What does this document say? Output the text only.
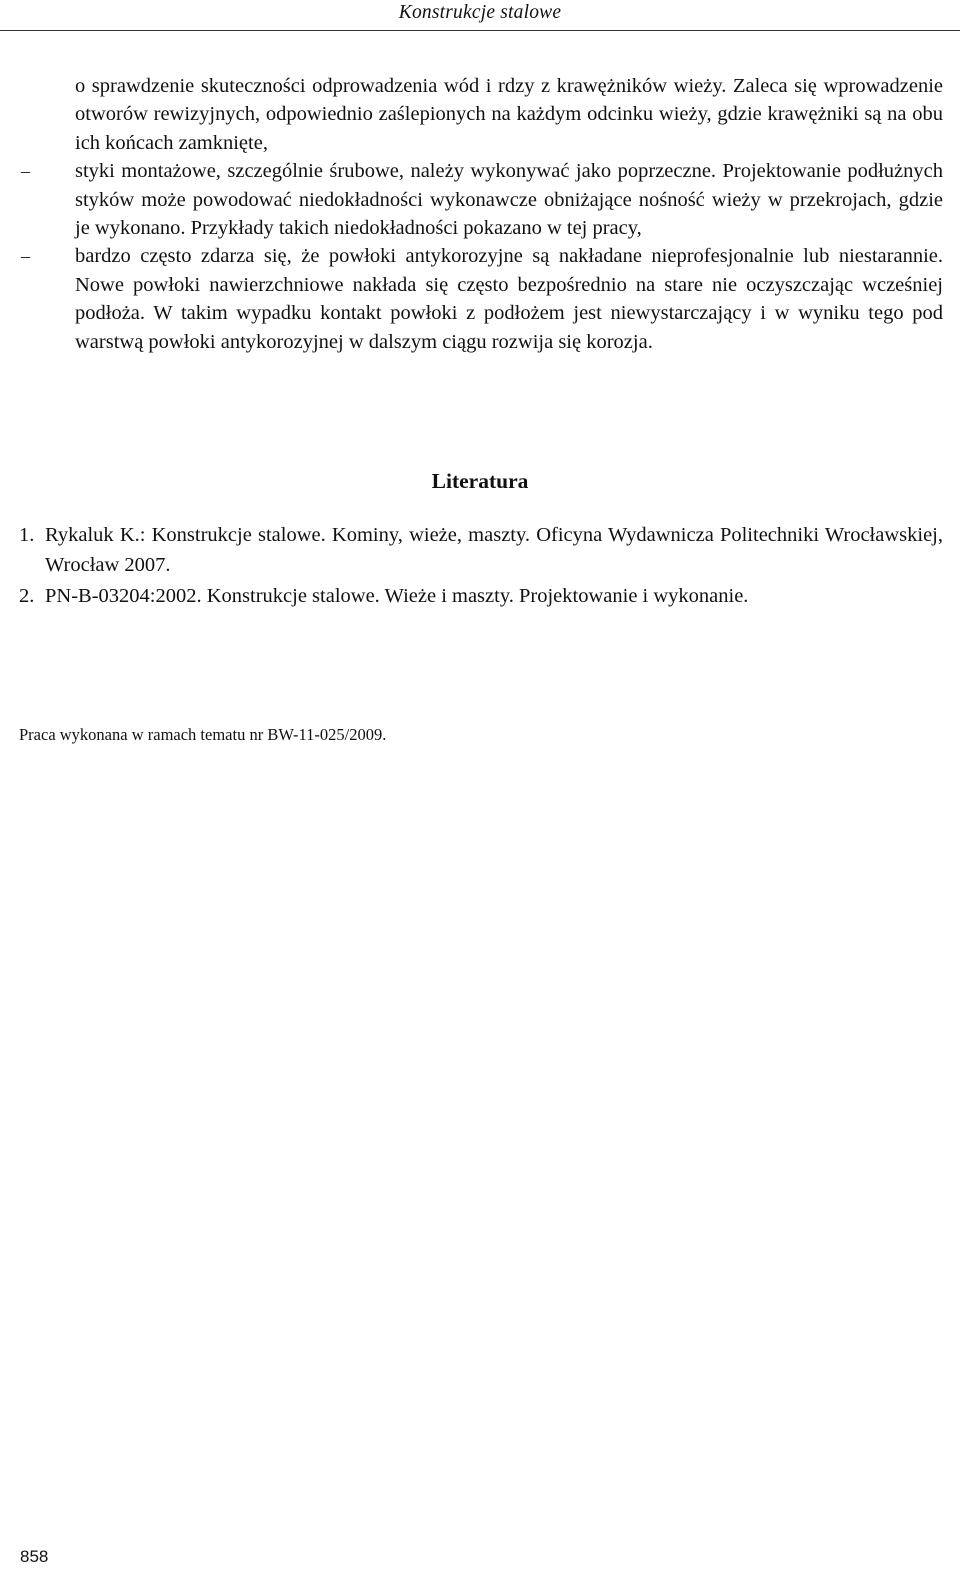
Konstrukcje stalowe

o sprawdzenie skuteczności odprowadzenia wód i rdzy z krawężników wieży. Zaleca się wprowadzenie otworów rewizyjnych, odpowiednio zaślepionych na każdym odcinku wieży, gdzie krawężniki są na obu ich końcach zamknięte,

– styki montażowe, szczególnie śrubowe, należy wykonywać jako poprzeczne. Projektowanie podłużnych styków może powodować niedokładności wykonawcze obniżające nośność wieży w przekrojach, gdzie je wykonano. Przykłady takich niedokładności pokazano w tej pracy,

– bardzo często zdarza się, że powłoki antykorozyjne są nakładane nieprofesjonalnie lub niestarannie. Nowe powłoki nawierzchniowe nakłada się często bezpośrednio na stare nie oczyszczając wcześniej podłoża. W takim wypadku kontakt powłoki z podłożem jest niewystarczający i w wyniku tego pod warstwą powłoki antykorozyjnej w dalszym ciągu rozwija się korozja.

Literatura
1. Rykaluk K.: Konstrukcje stalowe. Kominy, wieże, maszty. Oficyna Wydawnicza Politechniki Wrocławskiej, Wrocław 2007.
2. PN-B-03204:2002. Konstrukcje stalowe. Wieże i maszty. Projektowanie i wykonanie.
Praca wykonana w ramach tematu nr BW-11-025/2009.
858
